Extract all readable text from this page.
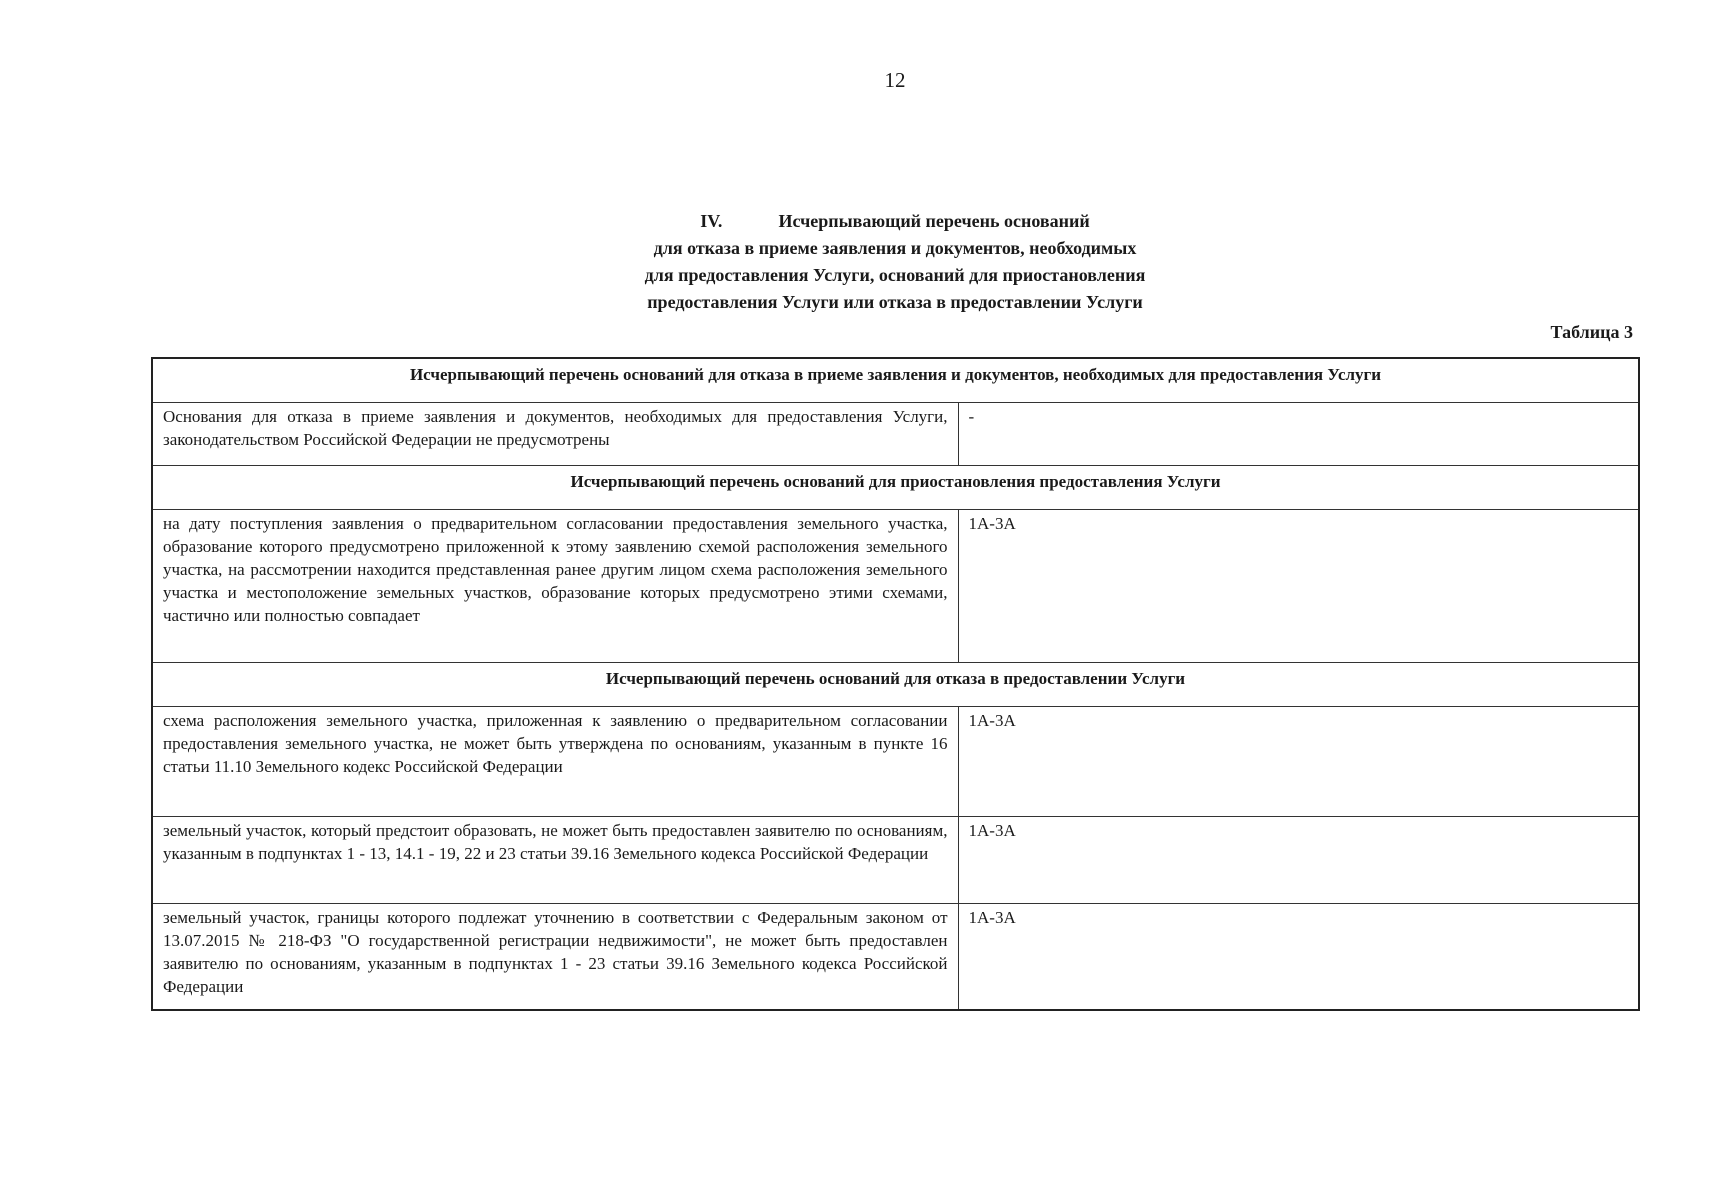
12
IV.	Исчерпывающий перечень оснований
для отказа в приеме заявления и документов, необходимых
для предоставления Услуги, оснований для приостановления
предоставления Услуги или отказа в предоставлении Услуги
Таблица 3
Исчерпывающий перечень оснований для отказа в приеме заявления и документов, необходимых для предоставления Услуги	
Основания для отказа в приеме заявления и документов, необходимых для предоставления Услуги, законодательством Российской Федерации не предусмотрены	-
Исчерпывающий перечень оснований для приостановления предоставления Услуги	
на дату поступления заявления о предварительном согласовании предоставления земельного участка, образование которого предусмотрено приложенной к этому заявлению схемой расположения земельного участка, на рассмотрении находится представленная ранее другим лицом схема расположения земельного участка и местоположение земельных участков, образование которых предусмотрено этими схемами, частично или полностью совпадает	1А-3А
Исчерпывающий перечень оснований для отказа в предоставлении Услуги	
схема расположения земельного участка, приложенная к заявлению о предварительном согласовании предоставления земельного участка, не может быть утверждена по основаниям, указанным в пункте 16 статьи 11.10 Земельного кодекс Российской Федерации	1А-3А
земельный участок, который предстоит образовать, не может быть предоставлен заявителю по основаниям, указанным в подпунктах 1 - 13, 14.1 - 19, 22 и 23 статьи 39.16 Земельного кодекса Российской Федерации	1А-3А
земельный участок, границы которого подлежат уточнению в соответствии с Федеральным законом от 13.07.2015 № 218-ФЗ "О государственной регистрации недвижимости", не может быть предоставлен заявителю по основаниям, указанным в подпунктах 1 - 23 статьи 39.16 Земельного кодекса Российской Федерации	1А-3А
